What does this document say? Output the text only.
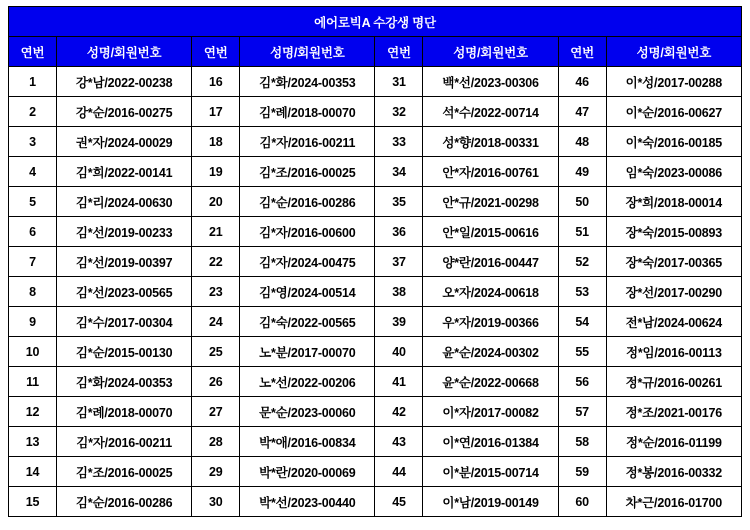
에어로빅A 수강생 명단							
연번	성명/회원번호	연번	성명/회원번호	연번	성명/회원번호	연번	성명/회원번호
1	강*남/2022-00238	16	김*화/2024-00353	31	백*선/2023-00306	46	이*성/2017-00288
2	강*순/2016-00275	17	김*례/2018-00070	32	석*수/2022-00714	47	이*순/2016-00627
3	권*자/2024-00029	18	김*자/2016-00211	33	성*향/2018-00331	48	이*숙/2016-00185
4	김*희/2022-00141	19	김*조/2016-00025	34	안*자/2016-00761	49	임*숙/2023-00086
5	김*리/2024-00630	20	김*순/2016-00286	35	안*규/2021-00298	50	장*희/2018-00014
6	김*선/2019-00233	21	김*자/2016-00600	36	안*일/2015-00616	51	장*숙/2015-00893
7	김*선/2019-00397	22	김*자/2024-00475	37	양*란/2016-00447	52	장*숙/2017-00365
8	김*선/2023-00565	23	김*영/2024-00514	38	오*자/2024-00618	53	장*선/2017-00290
9	김*수/2017-00304	24	김*숙/2022-00565	39	우*자/2019-00366	54	전*남/2024-00624
10	김*순/2015-00130	25	노*분/2017-00070	40	윤*순/2024-00302	55	정*임/2016-00113
11	김*화/2024-00353	26	노*선/2022-00206	41	윤*순/2022-00668	56	정*규/2016-00261
12	김*례/2018-00070	27	문*순/2023-00060	42	이*자/2017-00082	57	정*조/2021-00176
13	김*자/2016-00211	28	박*애/2016-00834	43	이*연/2016-01384	58	정*순/2016-01199
14	김*조/2016-00025	29	박*란/2020-00069	44	이*분/2015-00714	59	정*봉/2016-00332
15	김*순/2016-00286	30	박*선/2023-00440	45	이*남/2019-00149	60	차*근/2016-01700
